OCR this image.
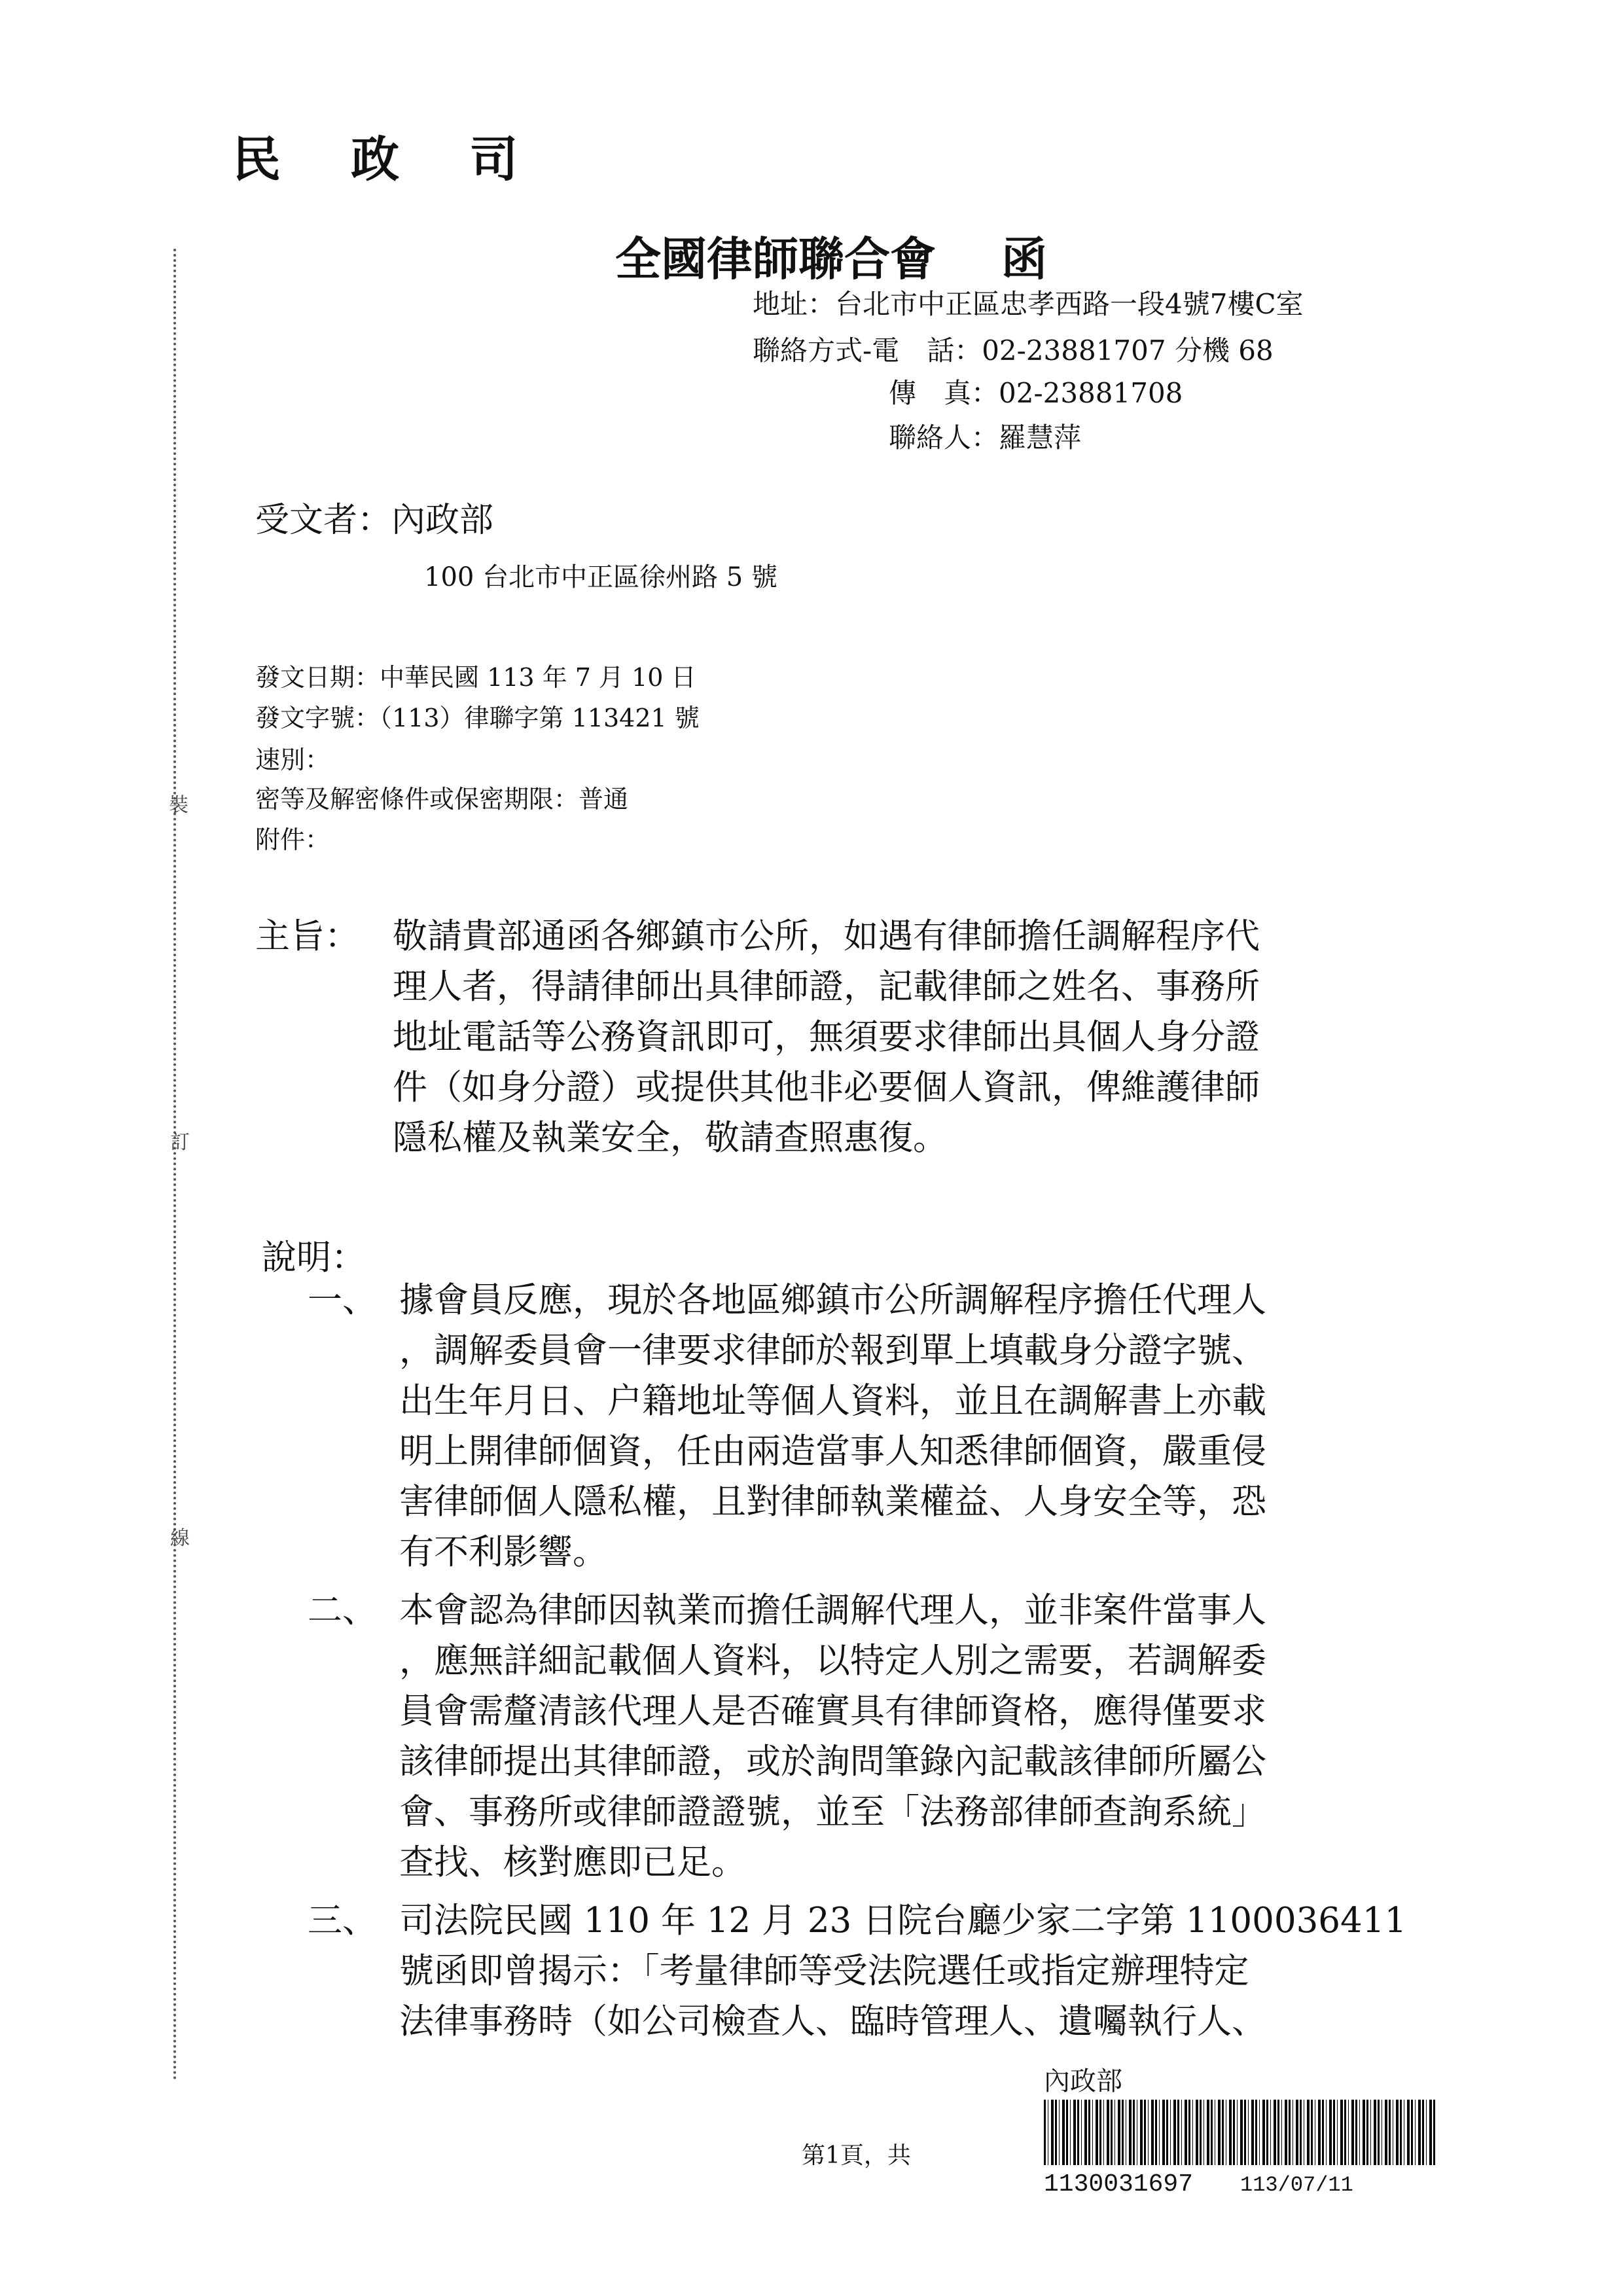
裝
訂
線
民 政 司
全國律師聯合會 函
地址：台北市中正區忠孝西路一段4號7樓C室
聯絡方式-電　話：02-23881707 分機 68
傳　真：02-23881708
聯絡人：羅慧萍
受文者：內政部
100 台北市中正區徐州路 5 號
發文日期：中華民國 113 年 7 月 10 日
發文字號：（113）律聯字第 113421 號
速別：
密等及解密條件或保密期限：普通
附件：
主旨： 敬請貴部通函各鄉鎮市公所，如遇有律師擔任調解程序代
理人者，得請律師出具律師證，記載律師之姓名、事務所
地址電話等公務資訊即可，無須要求律師出具個人身分證
件（如身分證）或提供其他非必要個人資訊，俾維護律師
隱私權及執業安全，敬請查照惠復。
說明：
一、 據會員反應，現於各地區鄉鎮市公所調解程序擔任代理人
，調解委員會一律要求律師於報到單上填載身分證字號、
出生年月日、户籍地址等個人資料，並且在調解書上亦載
明上開律師個資，任由兩造當事人知悉律師個資，嚴重侵
害律師個人隱私權，且對律師執業權益、人身安全等，恐
有不利影響。
二、 本會認為律師因執業而擔任調解代理人，並非案件當事人
，應無詳細記載個人資料，以特定人別之需要，若調解委
員會需釐清該代理人是否確實具有律師資格，應得僅要求
該律師提出其律師證，或於詢問筆錄內記載該律師所屬公
會、事務所或律師證證號，並至「法務部律師查詢系統」
查找、核對應即已足。
三、 司法院民國 110 年 12 月 23 日院台廳少家二字第 1100036411
號函即曾揭示：「考量律師等受法院選任或指定辦理特定
法律事務時（如公司檢查人、臨時管理人、遺囑執行人、
內政部
1130031697 113/07/11
第1頁，共
